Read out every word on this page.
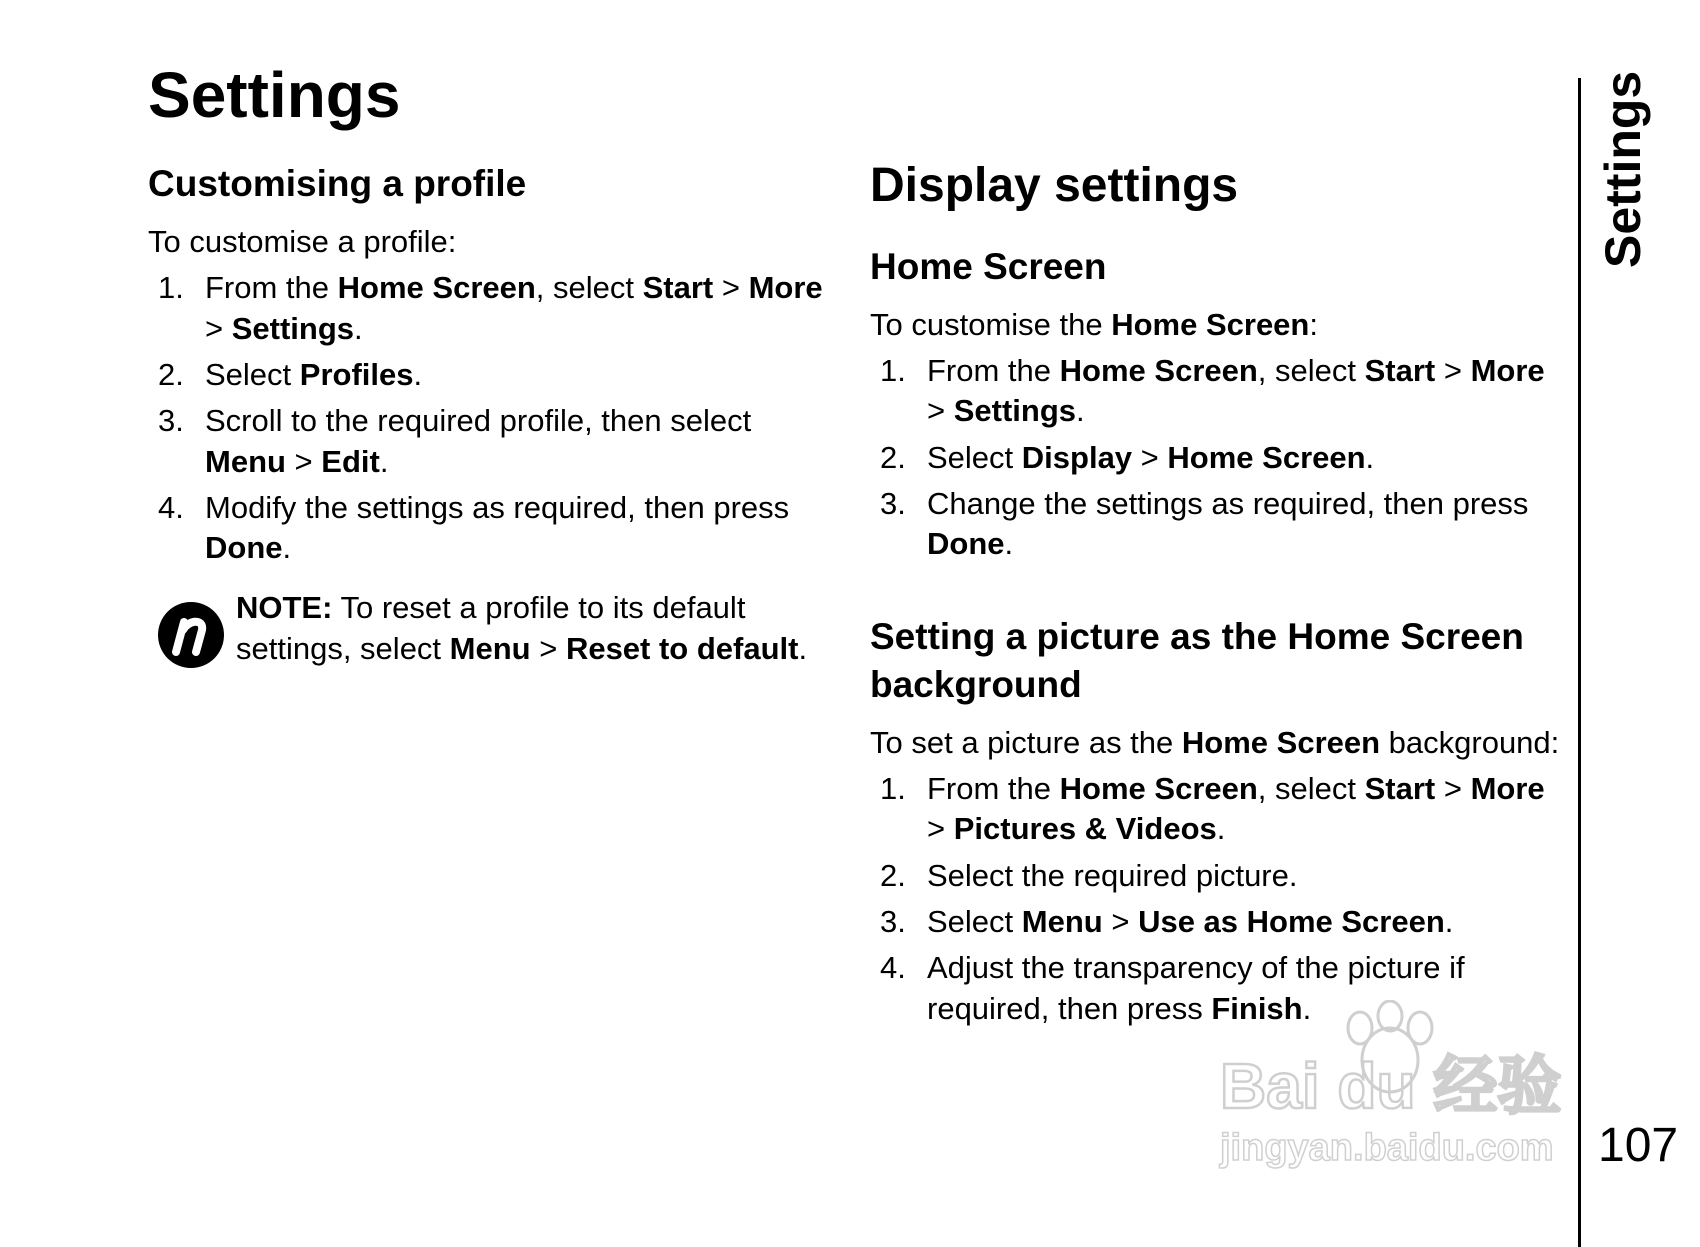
Settings
Customising a profile

To customise a profile:

1. From the Home Screen, select Start > More > Settings.
2. Select Profiles.
3. Scroll to the required profile, then select Menu > Edit.
4. Modify the settings as required, then press Done.
NOTE: To reset a profile to its default settings, select Menu > Reset to default.
Display settings
Home Screen

To customise the Home Screen:

1. From the Home Screen, select Start > More > Settings.
2. Select Display > Home Screen.
3. Change the settings as required, then press Done.
Setting a picture as the Home Screen background

To set a picture as the Home Screen background:

1. From the Home Screen, select Start > More > Pictures & Videos.
2. Select the required picture.
3. Select Menu > Use as Home Screen.
4. Adjust the transparency of the picture if required, then press Finish.
Settings
Bai du 经验
jingyan.baidu.com 107
